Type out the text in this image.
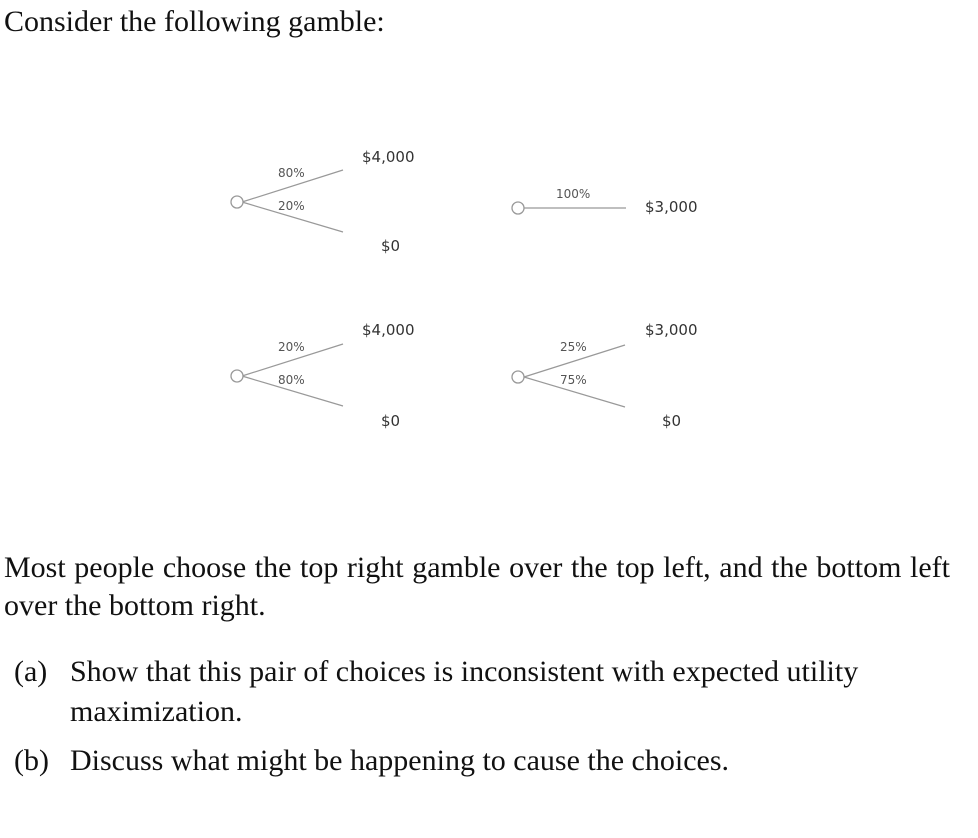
Consider the following gamble:
80%
20%
$4,000
$0
100%
$3,000
20%
80%
$4,000
$0
25%
75%
$3,000
$0
Most people choose the top right gamble over the top left, and the bottom left over the bottom right.
(a) Show that this pair of choices is inconsistent with expected utility maximization.
(b) Discuss what might be happening to cause the choices.
